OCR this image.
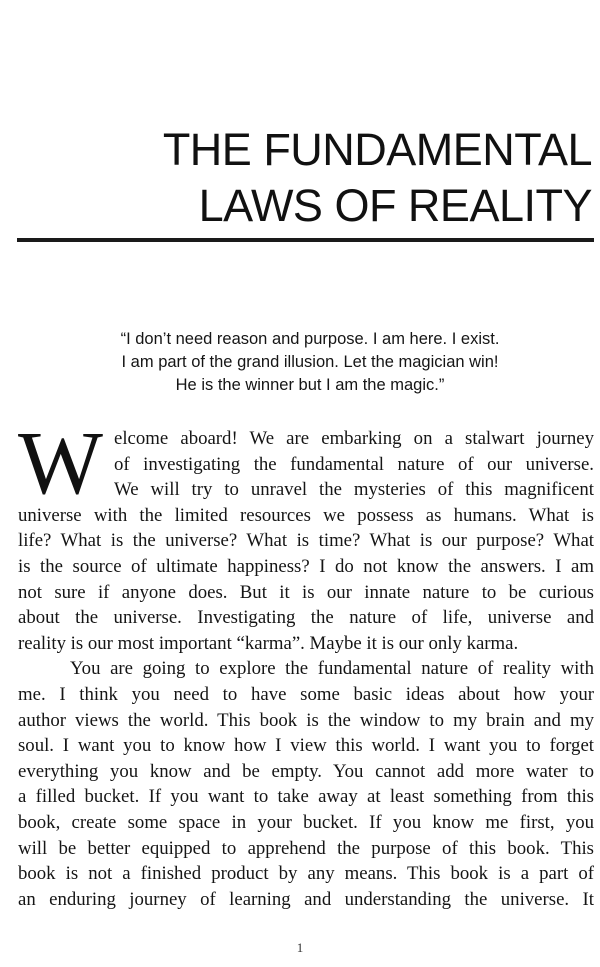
THE FUNDAMENTAL
LAWS OF REALITY
“I don’t need reason and purpose. I am here. I exist.
I am part of the grand illusion. Let the magician win!
He is the winner but I am the magic.”
W elcome aboard! We are embarking on a stalwart journey
of investigating the fundamental nature of our universe.
We will try to unravel the mysteries of this magnificent
universe with the limited resources we possess as humans. What is
life? What is the universe? What is time? What is our purpose? What
is the source of ultimate happiness? I do not know the answers. I am
not sure if anyone does. But it is our innate nature to be curious
about the universe. Investigating the nature of life, universe and
reality is our most important “karma”. Maybe it is our only karma.
You are going to explore the fundamental nature of reality with
me. I think you need to have some basic ideas about how your
author views the world. This book is the window to my brain and my
soul. I want you to know how I view this world. I want you to forget
everything you know and be empty. You cannot add more water to
a filled bucket. If you want to take away at least something from this
book, create some space in your bucket. If you know me first, you
will be better equipped to apprehend the purpose of this book. This
book is not a finished product by any means. This book is a part of
an enduring journey of learning and understanding the universe. It
1
